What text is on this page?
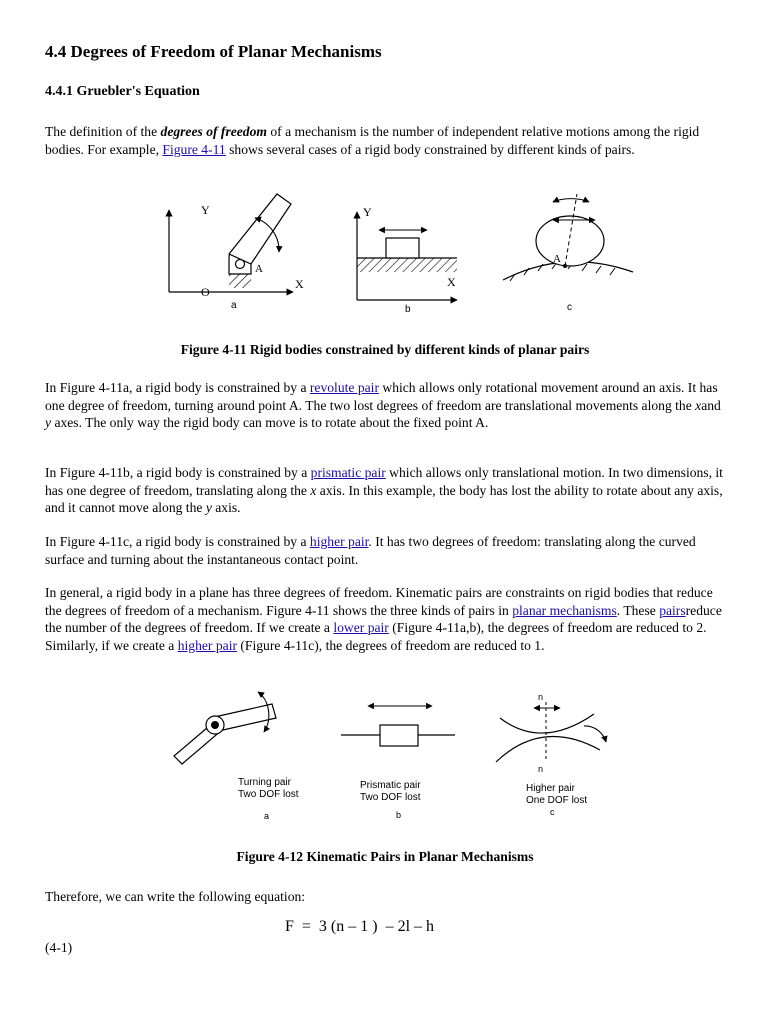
4.4 Degrees of Freedom of Planar Mechanisms
4.4.1 Gruebler's Equation

The definition of the degrees of freedom of a mechanism is the number of independent relative motions among the rigid bodies. For example, Figure 4-11 shows several cases of a rigid body constrained by different kinds of pairs.

Y
X
O
A
a
Y
X
b
A
c

Figure 4-11 Rigid bodies constrained by different kinds of planar pairs

In Figure 4-11a, a rigid body is constrained by a revolute pair which allows only rotational movement around an axis. It has one degree of freedom, turning around point A. The two lost degrees of freedom are translational movements along the xand y axes. The only way the rigid body can move is to rotate about the fixed point A.

In Figure 4-11b, a rigid body is constrained by a prismatic pair which allows only translational motion. In two dimensions, it has one degree of freedom, translating along the x axis. In this example, the body has lost the ability to rotate about any axis, and it cannot move along the y axis.

In Figure 4-11c, a rigid body is constrained by a higher pair. It has two degrees of freedom: translating along the curved surface and turning about the instantaneous contact point.

In general, a rigid body in a plane has three degrees of freedom. Kinematic pairs are constraints on rigid bodies that reduce the degrees of freedom of a mechanism. Figure 4-11 shows the three kinds of pairs in planar mechanisms. These pairsreduce the number of the degrees of freedom. If we create a lower pair (Figure 4-11a,b), the degrees of freedom are reduced to 2. Similarly, if we create a higher pair (Figure 4-11c), the degrees of freedom are reduced to 1.

Turning pair
Two DOF lost
a
Prismatic pair
Two DOF lost
b
n
n
Higher pair
One DOF lost
c

Figure 4-12 Kinematic Pairs in Planar Mechanisms

Therefore, we can write the following equation:

F  =  3 (n – 1 )  – 2l – h

(4-1)
